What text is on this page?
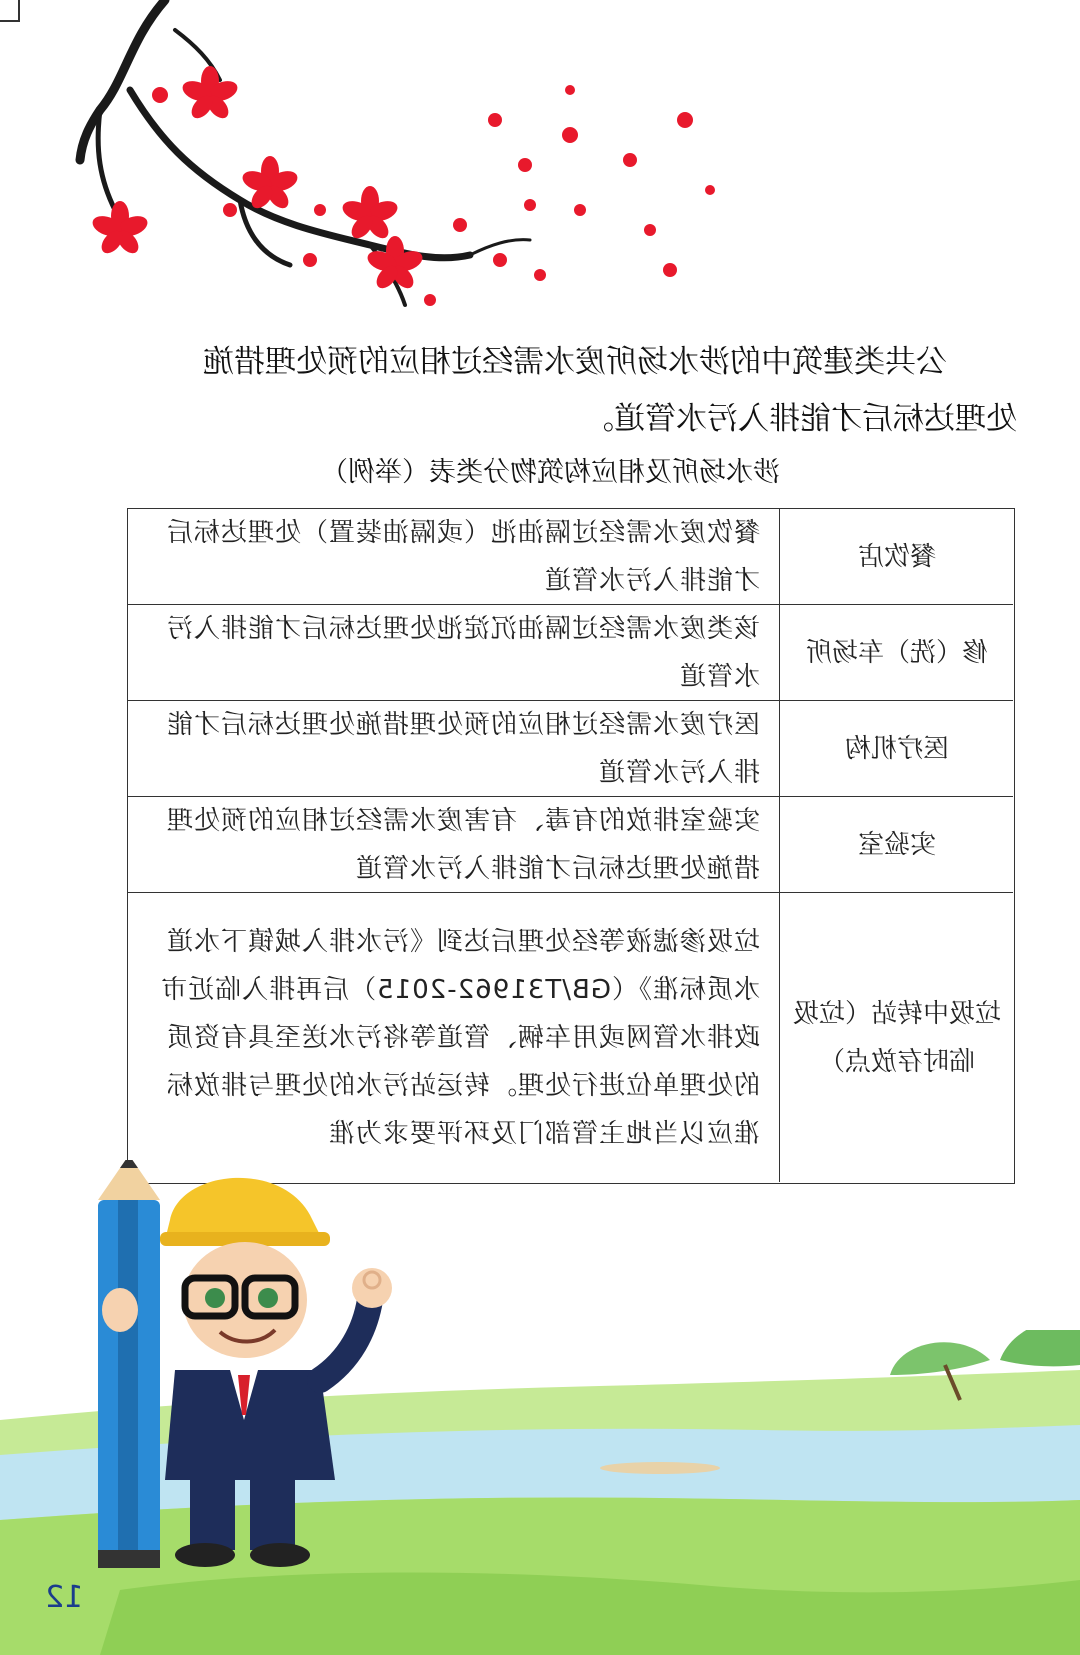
公共类建筑中的涉水场所废水需经过相应的预处理措施
处理达标后才能排入污水管道。
涉水场所及相应构筑物分类表（举例）
餐饮店
餐饮废水需经过隔油池（或隔油装置）处理达标后才能排入污水管道
修（洗）车场所
该类废水需经过隔油沉淀池处理达标后才能排入污水管道
医疗机构
医疗废水需经过相应的预处理措施处理达标后才能排入污水管道
实验室
实验室排放的有毒、有害废水需经过相应的预处理措施处理达标后才能排入污水管道
垃圾中转站（垃圾临时存放点）
垃圾渗滤液等经处理后达到《污水排入城镇下水道水质标准》（GB/T31962-2015）后再排入临近市政排水管网或用车辆、管道等将污水送至具有资质的处理单位进行处理。转运站污水的处理与排放标准应以当地主管部门及环评要求为准
12
